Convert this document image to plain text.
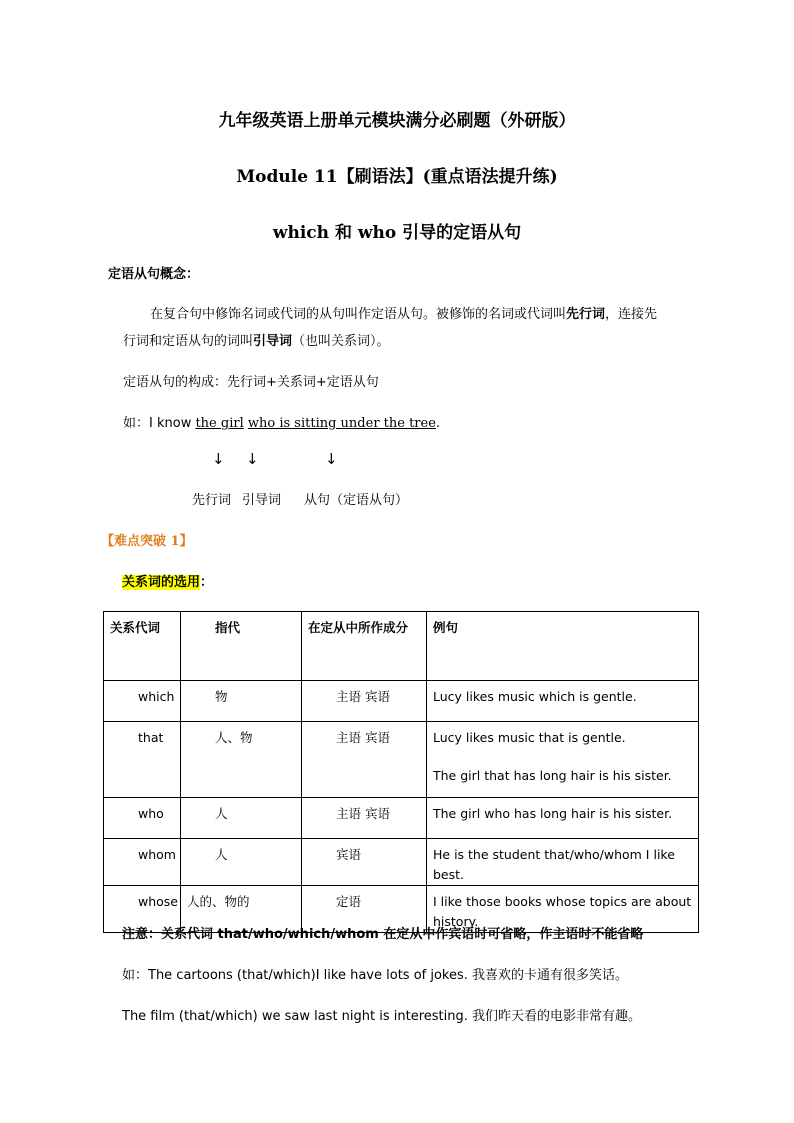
九年级英语上册单元模块满分必刷题（外研版）
Module 11【刷语法】(重点语法提升练)
which 和 who 引导的定语从句
定语从句概念：
在复合句中修饰名词或代词的从句叫作定语从句。被修饰的名词或代词叫先行词，连接先
行词和定语从句的词叫引导词（也叫关系词）。
定语从句的构成：先行词+关系词+定语从句
如：I know the girl who is sitting under the tree.
↓ ↓	↓
先行词 引导词 从句（定语从句）
【难点突破 1】
关系词的选用：
关系代词	指代	在定从中所作成分	例句
which	物	主语 宾语	Lucy likes music which is gentle.

that	人、物	主语 宾语	Lucy likes music that is gentle.
The girl that has long hair is his sister.

who	人	主语 宾语	The girl who has long hair is his sister.

whom	人	宾语	He is the student that/who/whom I like best.

whose	人的、物的	定语	I like those books whose topics are about history.
注意：关系代词 that/who/which/whom 在定从中作宾语时可省略，作主语时不能省略
如：The cartoons (that/which)I like have lots of jokes. 我喜欢的卡通有很多笑话。
The film (that/which) we saw last night is interesting. 我们昨天看的电影非常有趣。
